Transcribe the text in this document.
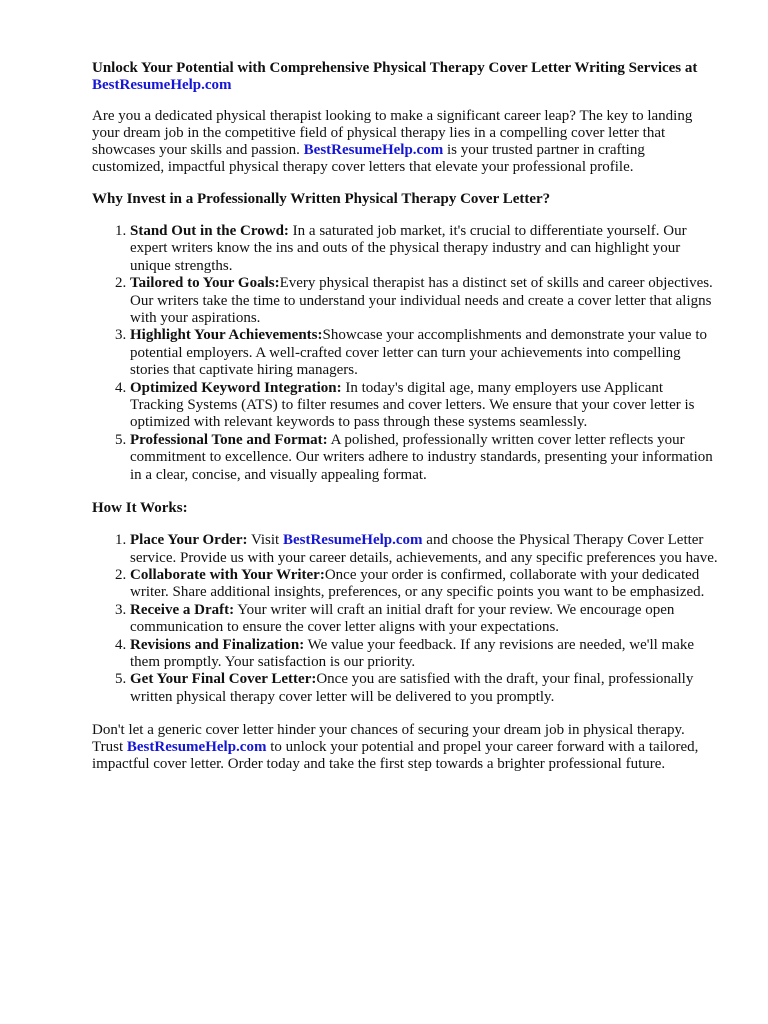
Unlock Your Potential with Comprehensive Physical Therapy Cover Letter Writing Services at
BestResumeHelp.com

Are you a dedicated physical therapist looking to make a significant career leap? The key to landing your dream job in the competitive field of physical therapy lies in a compelling cover letter that showcases your skills and passion. BestResumeHelp.com is your trusted partner in crafting customized, impactful physical therapy cover letters that elevate your professional profile.

Why Invest in a Professionally Written Physical Therapy Cover Letter?
1. Stand Out in the Crowd: In a saturated job market, it's crucial to differentiate yourself. Our expert writers know the ins and outs of the physical therapy industry and can highlight your unique strengths.
2. Tailored to Your Goals:Every physical therapist has a distinct set of skills and career objectives. Our writers take the time to understand your individual needs and create a cover letter that aligns with your aspirations.
3. Highlight Your Achievements:Showcase your accomplishments and demonstrate your value to potential employers. A well-crafted cover letter can turn your achievements into compelling stories that captivate hiring managers.
4. Optimized Keyword Integration: In today's digital age, many employers use Applicant Tracking Systems (ATS) to filter resumes and cover letters. We ensure that your cover letter is optimized with relevant keywords to pass through these systems seamlessly.
5. Professional Tone and Format: A polished, professionally written cover letter reflects your commitment to excellence. Our writers adhere to industry standards, presenting your information in a clear, concise, and visually appealing format.
How It Works:
1. Place Your Order: Visit BestResumeHelp.com and choose the Physical Therapy Cover Letter service. Provide us with your career details, achievements, and any specific preferences you have.
2. Collaborate with Your Writer:Once your order is confirmed, collaborate with your dedicated writer. Share additional insights, preferences, or any specific points you want to be emphasized.
3. Receive a Draft: Your writer will craft an initial draft for your review. We encourage open communication to ensure the cover letter aligns with your expectations.
4. Revisions and Finalization: We value your feedback. If any revisions are needed, we'll make them promptly. Your satisfaction is our priority.
5. Get Your Final Cover Letter:Once you are satisfied with the draft, your final, professionally written physical therapy cover letter will be delivered to you promptly.

Don't let a generic cover letter hinder your chances of securing your dream job in physical therapy. Trust BestResumeHelp.com to unlock your potential and propel your career forward with a tailored, impactful cover letter. Order today and take the first step towards a brighter professional future.
